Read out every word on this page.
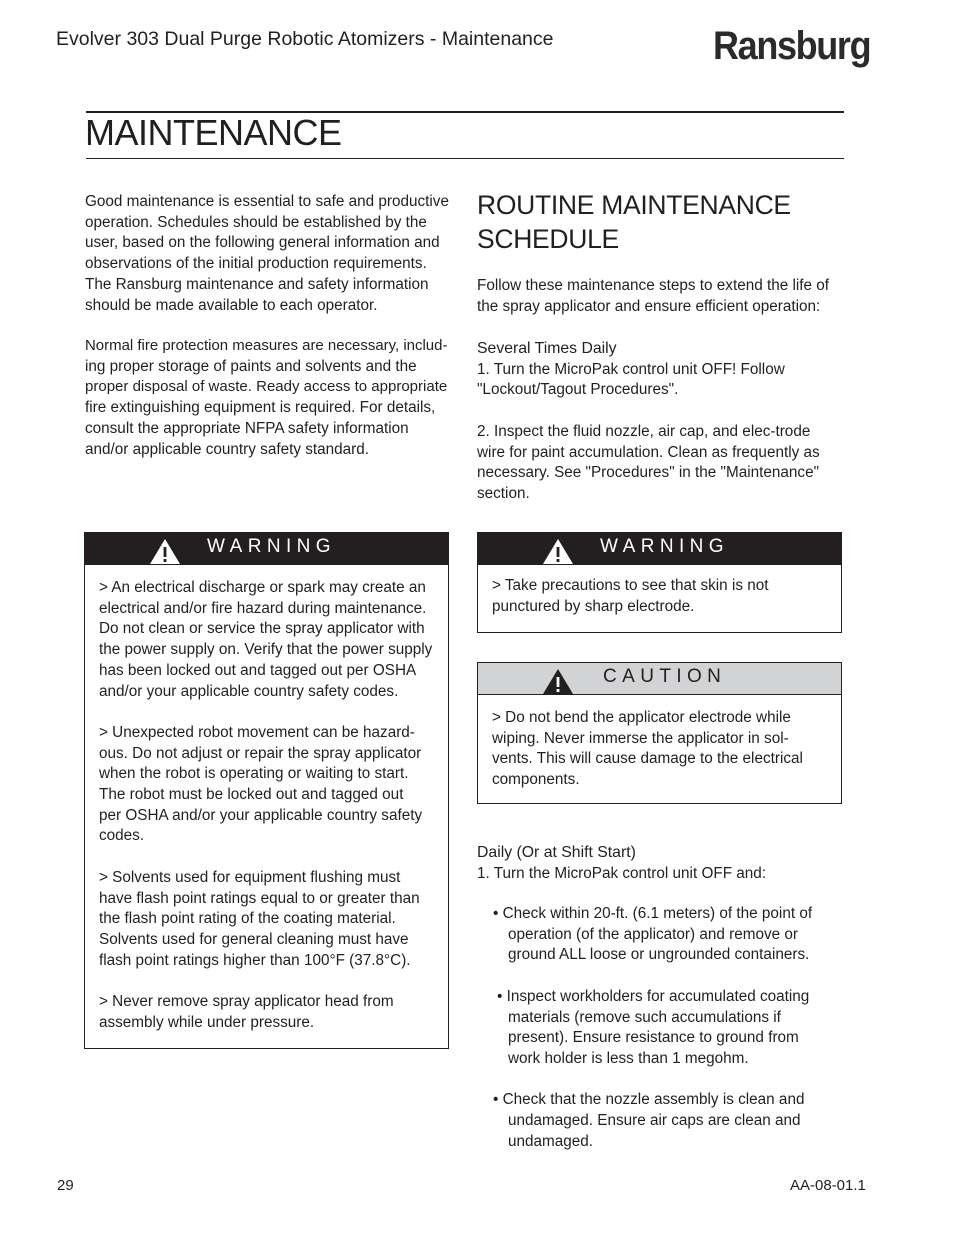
Evolver 303 Dual Purge Robotic Atomizers - Maintenance	Ransburg
MAINTENANCE
Good maintenance is essential to safe and productive
operation. Schedules should be established by the
user, based on the following general information and
observations of the initial production requirements.
The Ransburg maintenance and safety information
should be made available to each operator.
Normal fire protection measures are necessary, includ-
ing proper storage of paints and solvents and the
proper disposal of waste. Ready access to appropriate
fire extinguishing equipment is required. For details,
consult the appropriate NFPA safety information
and/or applicable country safety standard.
WARNING
> An electrical discharge or spark may create an
electrical and/or fire hazard during maintenance.
Do not clean or service the spray applicator with
the power supply on. Verify that the power supply
has been locked out and tagged out per OSHA
and/or your applicable country safety codes.

> Unexpected robot movement can be hazard-
ous. Do not adjust or repair the spray applicator
when the robot is operating or waiting to start.
The robot must be locked out and tagged out
per OSHA and/or your applicable country safety
codes.

> Solvents used for equipment flushing must
have flash point ratings equal to or greater than
the flash point rating of the coating material.
Solvents used for general cleaning must have
flash point ratings higher than 100°F (37.8°C).

> Never remove spray applicator head from
assembly while under pressure.
ROUTINE MAINTENANCE
SCHEDULE
Follow these maintenance steps to extend the life of
the spray applicator and ensure efficient operation:
Several Times Daily
1. Turn the MicroPak control unit OFF! Follow
"Lockout/Tagout Procedures".

2. Inspect the fluid nozzle, air cap, and elec-trode
wire for paint accumulation. Clean as frequently as
necessary. See "Procedures" in the "Maintenance"
section.
WARNING
> Take precautions to see that skin is not
punctured by sharp electrode.
CAUTION
> Do not bend the applicator electrode while
wiping. Never immerse the applicator in sol-
vents. This will cause damage to the electrical
components.
Daily (Or at Shift Start)
1. Turn the MicroPak control unit OFF and:
• Check within 20-ft. (6.1 meters) of the point of
operation (of the applicator) and remove or
ground ALL loose or ungrounded containers.

• Inspect workholders for accumulated coating
materials (remove such accumulations if
present). Ensure resistance to ground from
work holder is less than 1 megohm.

• Check that the nozzle assembly is clean and
undamaged. Ensure air caps are clean and
undamaged.
29	AA-08-01.1
